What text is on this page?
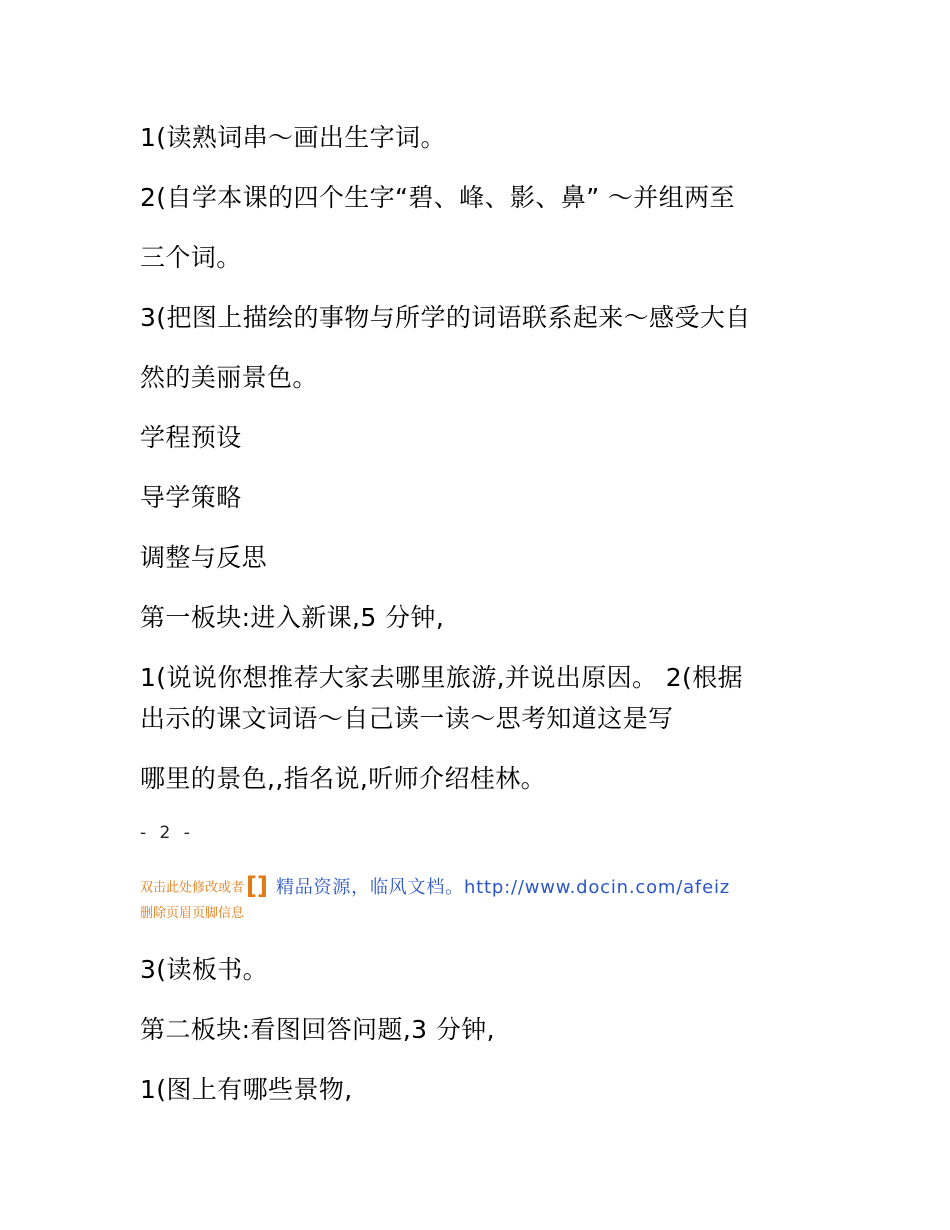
1(读熟词串～画出生字词。
2(自学本课的四个生字“碧、峰、影、鼻” ～并组两至
三个词。
3(把图上描绘的事物与所学的词语联系起来～感受大自
然的美丽景色。
学程预设
导学策略
调整与反思
第一板块:进入新课,5 分钟,
1(说说你想推荐大家去哪里旅游,并说出原因。 2(根据
出示的课文词语～自己读一读～思考知道这是写
哪里的景色,,指名说,听师介绍桂林。
- 2 -
双击此处修改或者[] 精品资源，临风文档。http://www.docin.com/afeiz
删除页眉页脚信息
3(读板书。
第二板块:看图回答问题,3 分钟,
1(图上有哪些景物,
